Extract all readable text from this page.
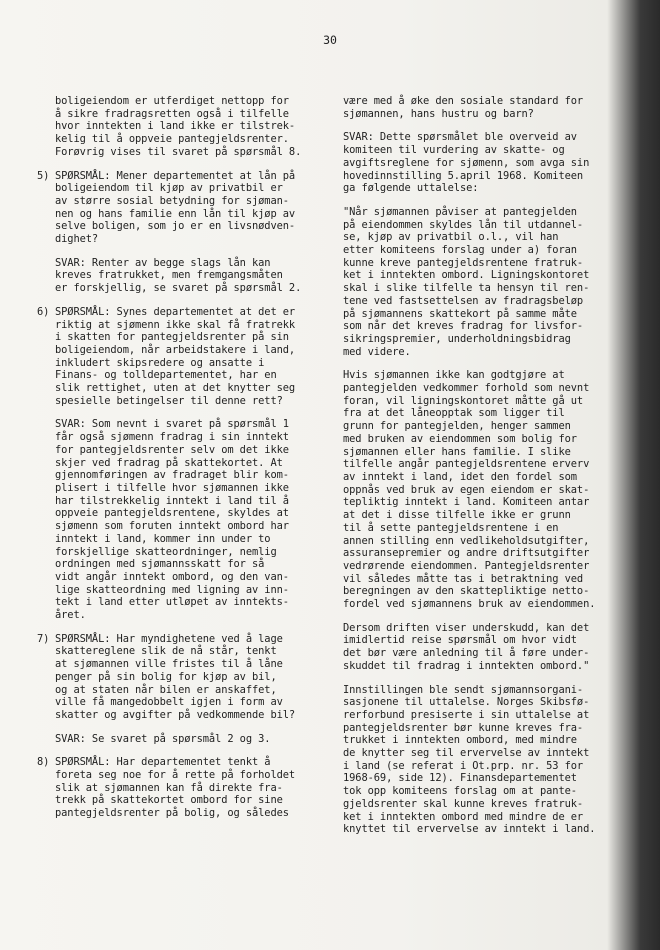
30
boligeiendom er utferdiget nettopp for
å sikre fradragsretten også i tilfelle
hvor inntekten i land ikke er tilstrek-
kelig til å oppveie pantegjeldsrenter.
Forøvrig vises til svaret på spørsmål 8.
5) SPØRSMÅL: Mener departementet at lån på
boligeiendom til kjøp av privatbil er
av større sosial betydning for sjøman-
nen og hans familie enn lån til kjøp av
selve boligen, som jo er en livsnødven-
dighet?
SVAR: Renter av begge slags lån kan
kreves fratrukket, men fremgangsmåten
er forskjellig, se svaret på spørsmål 2.
6) SPØRSMÅL: Synes departementet at det er
riktig at sjømenn ikke skal få fratrekk
i skatten for pantegjeldsrenter på sin
boligeiendom, når arbeidstakere i land,
inkludert skipsredere og ansatte i
Finans- og tolldepartementet, har en
slik rettighet, uten at det knytter seg
spesielle betingelser til denne rett?
SVAR: Som nevnt i svaret på spørsmål 1
får også sjømenn fradrag i sin inntekt
for pantegjeldsrenter selv om det ikke
skjer ved fradrag på skattekortet. At
gjennomføringen av fradraget blir kom-
plisert i tilfelle hvor sjømannen ikke
har tilstrekkelig inntekt i land til å
oppveie pantegjeldsrentene, skyldes at
sjømenn som foruten inntekt ombord har
inntekt i land, kommer inn under to
forskjellige skatteordninger, nemlig
ordningen med sjømannsskatt for så
vidt angår inntekt ombord, og den van-
lige skatteordning med ligning av inn-
tekt i land etter utløpet av inntekts-
året.
7) SPØRSMÅL: Har myndighetene ved å lage
skattereglene slik de nå står, tenkt
at sjømannen ville fristes til å låne
penger på sin bolig for kjøp av bil,
og at staten når bilen er anskaffet,
ville få mangedobbelt igjen i form av
skatter og avgifter på vedkommende bil?
SVAR: Se svaret på spørsmål 2 og 3.
8) SPØRSMÅL: Har departementet tenkt å
foreta seg noe for å rette på forholdet
slik at sjømannen kan få direkte fra-
trekk på skattekortet ombord for sine
pantegjeldsrenter på bolig, og således
være med å øke den sosiale standard for
sjømannen, hans hustru og barn?
SVAR: Dette spørsmålet ble overveid av
komiteen til vurdering av skatte- og
avgiftsreglene for sjømenn, som avga sin
hovedinnstilling 5.april 1968. Komiteen
ga følgende uttalelse:
"Når sjømannen påviser at pantegjelden
på eiendommen skyldes lån til utdannel-
se, kjøp av privatbil o.l., vil han
etter komiteens forslag under a) foran
kunne kreve pantegjeldsrentene fratruk-
ket i inntekten ombord. Ligningskontoret
skal i slike tilfelle ta hensyn til ren-
tene ved fastsettelsen av fradragsbeløp
på sjømannens skattekort på samme måte
som når det kreves fradrag for livsfor-
sikringspremier, underholdningsbidrag
med videre.
Hvis sjømannen ikke kan godtgjøre at
pantegjelden vedkommer forhold som nevnt
foran, vil ligningskontoret måtte gå ut
fra at det låneopptak som ligger til
grunn for pantegjelden, henger sammen
med bruken av eiendommen som bolig for
sjømannen eller hans familie. I slike
tilfelle angår pantegjeldsrentene erverv
av inntekt i land, idet den fordel som
oppnås ved bruk av egen eiendom er skat-
tepliktig inntekt i land. Komiteen antar
at det i disse tilfelle ikke er grunn
til å sette pantegjeldsrentene i en
annen stilling enn vedlikeholdsutgifter,
assuransepremier og andre driftsutgifter
vedrørende eiendommen. Pantegjeldsrenter
vil således måtte tas i betraktning ved
beregningen av den skattepliktige netto-
fordel ved sjømannens bruk av eiendommen.
Dersom driften viser underskudd, kan det
imidlertid reise spørsmål om hvor vidt
det bør være anledning til å føre under-
skuddet til fradrag i inntekten ombord."
Innstillingen ble sendt sjømannsorgani-
sasjonene til uttalelse. Norges Skibsfø-
rerforbund presiserte i sin uttalelse at
pantegjeldsrenter bør kunne kreves fra-
trukket i inntekten ombord, med mindre
de knytter seg til ervervelse av inntekt
i land (se referat i Ot.prp. nr. 53 for
1968-69, side 12). Finansdepartementet
tok opp komiteens forslag om at pante-
gjeldsrenter skal kunne kreves fratruk-
ket i inntekten ombord med mindre de er
knyttet til ervervelse av inntekt i land.
